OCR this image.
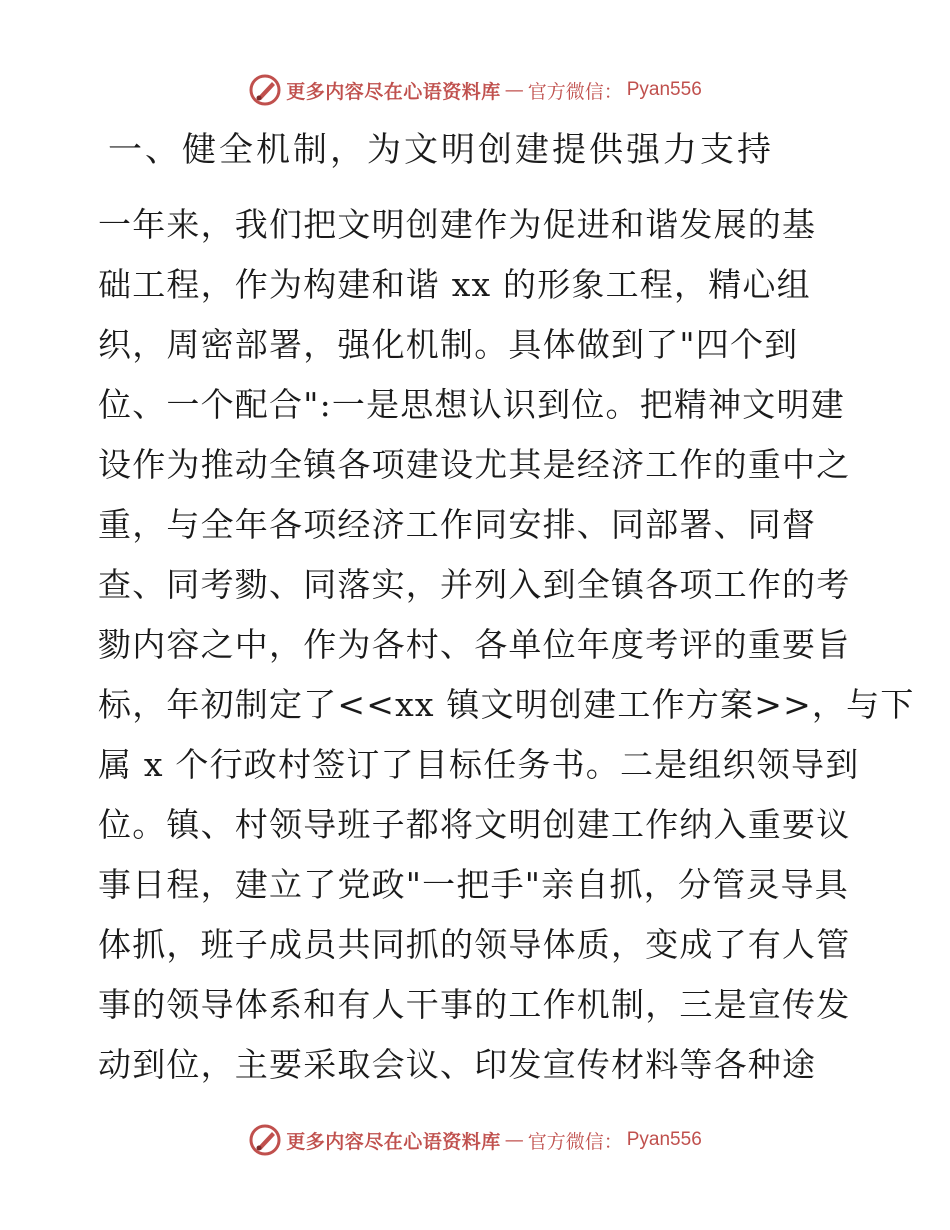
更多内容尽在心语资料库 — 官方微信： Pyan556
一、健全机制，为文明创建提供强力支持
一年来，我们把文明创建作为促进和谐发展的基
础工程，作为构建和谐 xx 的形象工程，精心组
织，周密部署，强化机制。具体做到了"四个到
位、一个配合":一是思想认识到位。把精神文明建
设作为推动全镇各项建设尤其是经济工作的重中之
重，与全年各项经济工作同安排、同部署、同督
查、同考勠、同落实，并列入到全镇各项工作的考
勠内容之中，作为各村、各单位年度考评的重要旨
标，年初制定了<<xx 镇文明创建工作方案>>，与下
属 x 个行政村签订了目标任务书。二是组织领导到
位。镇、村领导班子都将文明创建工作纳入重要议
事日程，建立了党政"一把手"亲自抓，分管灵导具
体抓，班子成员共同抓的领导体质，变成了有人管
事的领导体系和有人干事的工作机制，三是宣传发
动到位，主要采取会议、印发宣传材料等各种途
更多内容尽在心语资料库 — 官方微信： Pyan556
